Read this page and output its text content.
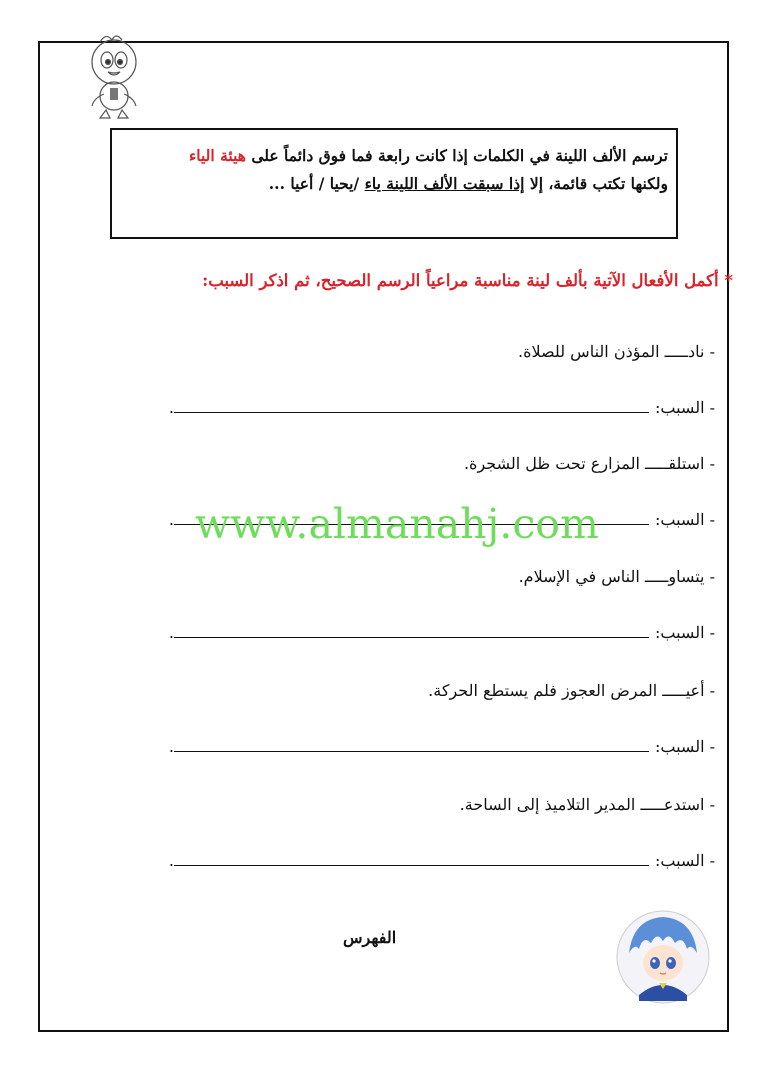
ترسم الألف اللينة في الكلمات إذا كانت رابعة فما فوق دائماً على هيئة الياء
ولكنها تكتب قائمة، إلا إذا سبقت الألف اللينة ياء /يحيا / أعيا ...
* أكمل الأفعال الآتية بألف لينة مناسبة مراعياً الرسم الصحيح، ثم اذكر السبب:
- نادـــــ المؤذن الناس للصلاة.
- السبب:.
- استلقـــــ المزارع تحت ظل الشجرة.
- السبب:.
- يتساوـــــ الناس في الإسلام.
- السبب:.
- أعيـــــ المرض العجوز فلم يستطع الحركة.
- السبب:.
- استدعـــــ المدير التلاميذ إلى الساحة.
- السبب:.
www.almanahj.com
الفهرس
